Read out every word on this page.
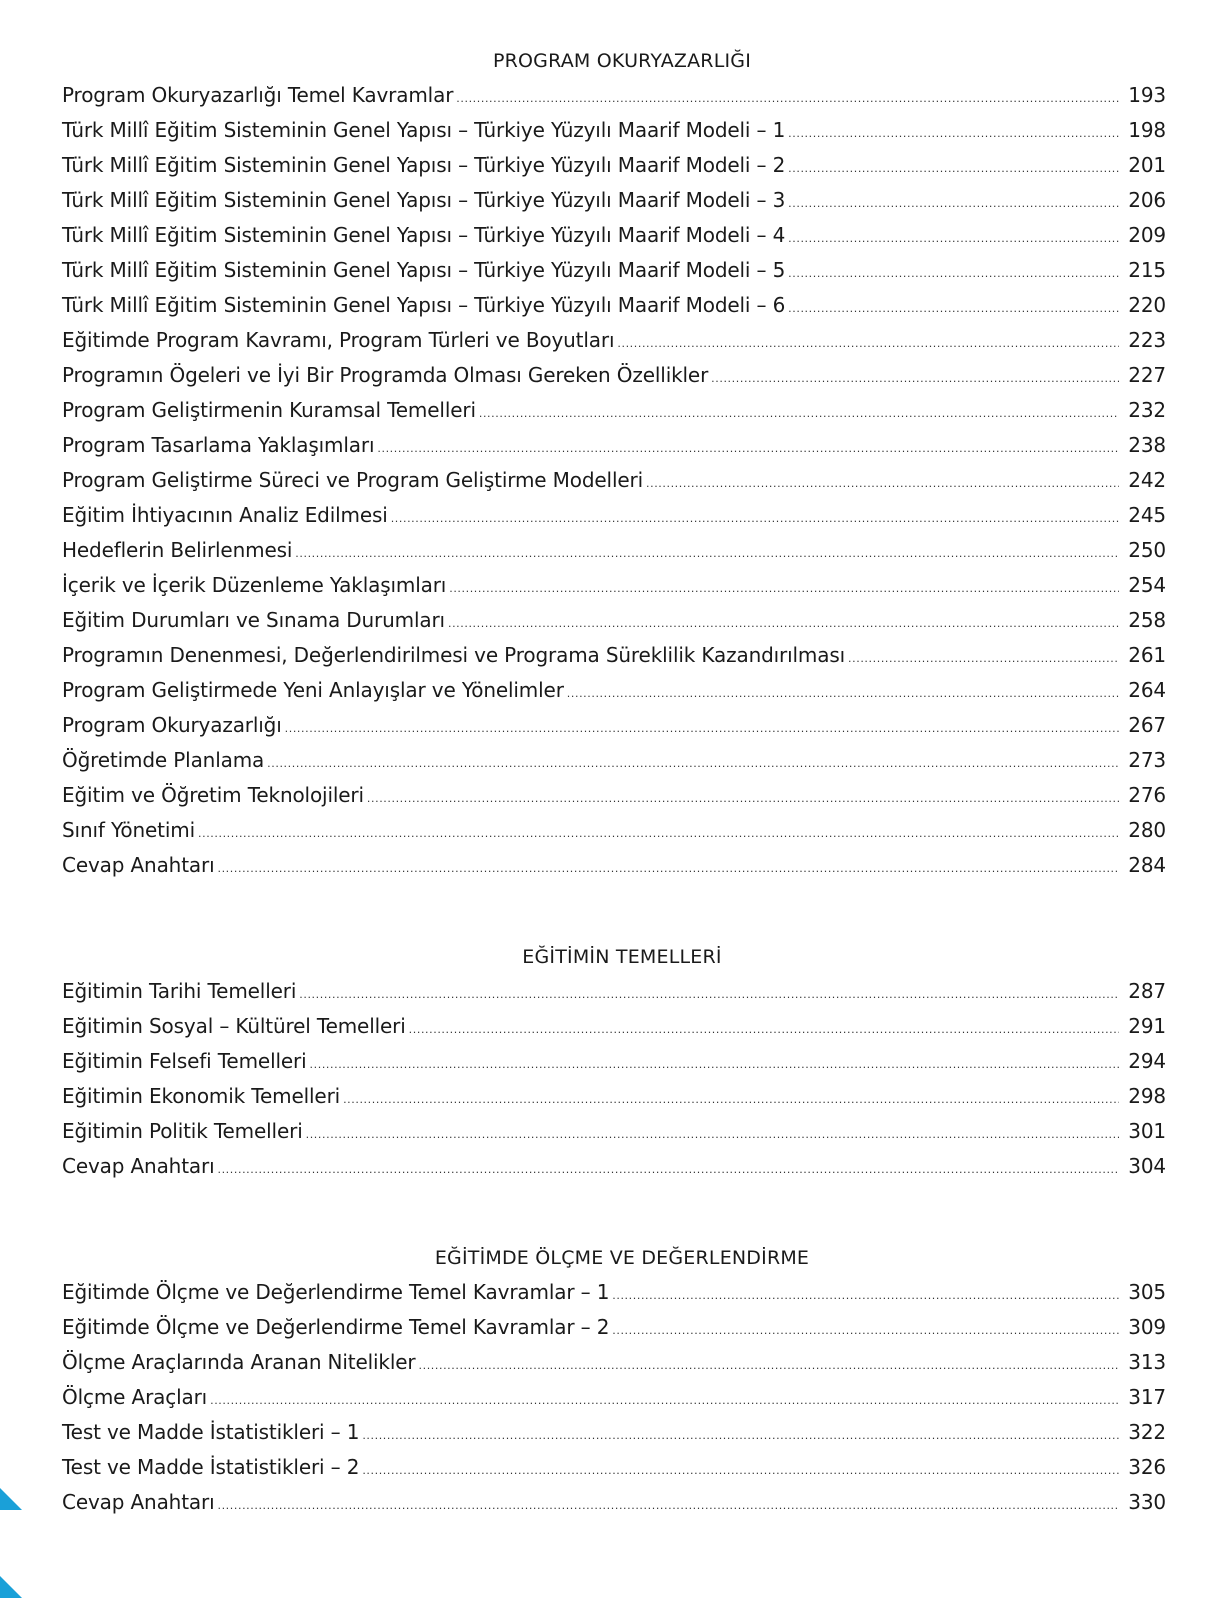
PROGRAM OKURYAZARLIĞI
Program Okuryazarlığı Temel Kavramlar .....	193
Türk Millî Eğitim Sisteminin Genel Yapısı – Türkiye Yüzyılı Maarif Modeli – 1 .....	198
Türk Millî Eğitim Sisteminin Genel Yapısı – Türkiye Yüzyılı Maarif Modeli – 2 .....	201
Türk Millî Eğitim Sisteminin Genel Yapısı – Türkiye Yüzyılı Maarif Modeli – 3 .....	206
Türk Millî Eğitim Sisteminin Genel Yapısı – Türkiye Yüzyılı Maarif Modeli – 4 .....	209
Türk Millî Eğitim Sisteminin Genel Yapısı – Türkiye Yüzyılı Maarif Modeli – 5 .....	215
Türk Millî Eğitim Sisteminin Genel Yapısı – Türkiye Yüzyılı Maarif Modeli – 6 .....	220
Eğitimde Program Kavramı, Program Türleri ve Boyutları .....	223
Programın Ögeleri ve İyi Bir Programda Olması Gereken Özellikler .....	227
Program Geliştirmenin Kuramsal Temelleri .....	232
Program Tasarlama Yaklaşımları .....	238
Program Geliştirme Süreci ve Program Geliştirme Modelleri .....	242
Eğitim İhtiyacının Analiz Edilmesi .....	245
Hedeflerin Belirlenmesi .....	250
İçerik ve İçerik Düzenleme Yaklaşımları .....	254
Eğitim Durumları ve Sınama Durumları .....	258
Programın Denenmesi, Değerlendirilmesi ve Programa Süreklilik Kazandırılması .....	261
Program Geliştirmede Yeni Anlayışlar ve Yönelimler .....	264
Program Okuryazarlığı .....	267
Öğretimde Planlama .....	273
Eğitim ve Öğretim Teknolojileri .....	276
Sınıf Yönetimi .....	280
Cevap Anahtarı .....	284
EĞİTİMİN TEMELLERİ
Eğitimin Tarihi Temelleri .....	287
Eğitimin Sosyal – Kültürel Temelleri .....	291
Eğitimin Felsefi Temelleri .....	294
Eğitimin Ekonomik Temelleri .....	298
Eğitimin Politik Temelleri .....	301
Cevap Anahtarı .....	304
EĞİTİMDE ÖLÇME VE DEĞERLENDİRME
Eğitimde Ölçme ve Değerlendirme Temel Kavramlar – 1 .....	305
Eğitimde Ölçme ve Değerlendirme Temel Kavramlar – 2 .....	309
Ölçme Araçlarında Aranan Nitelikler .....	313
Ölçme Araçları .....	317
Test ve Madde İstatistikleri – 1 .....	322
Test ve Madde İstatistikleri – 2 .....	326
Cevap Anahtarı .....	330
